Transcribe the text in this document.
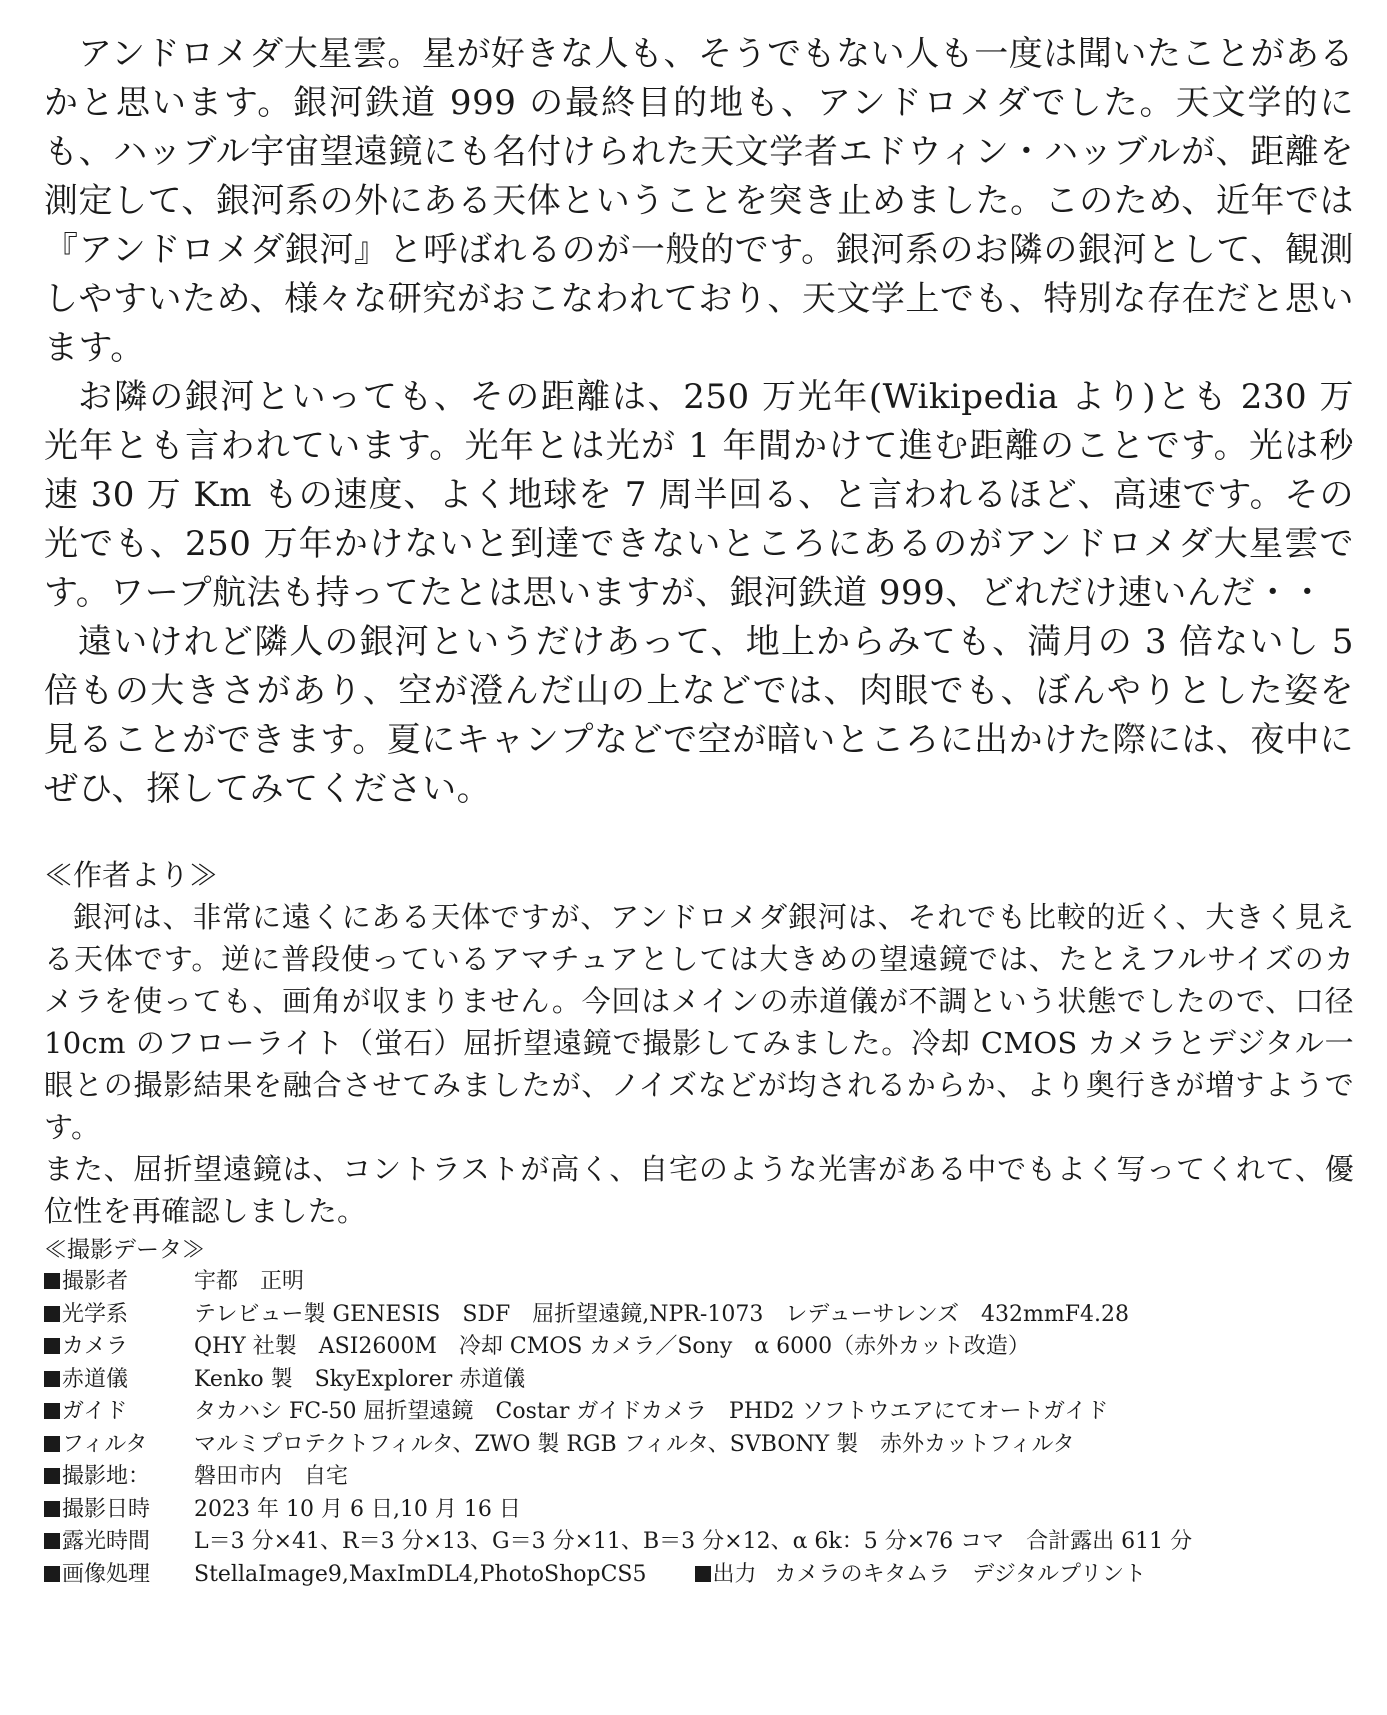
アンドロメダ大星雲。星が好きな人も、そうでもない人も一度は聞いたことがあるかと思います。銀河鉄道 999 の最終目的地も、アンドロメダでした。天文学的にも、ハッブル宇宙望遠鏡にも名付けられた天文学者エドウィン・ハッブルが、距離を測定して、銀河系の外にある天体ということを突き止めました。このため、近年では『アンドロメダ銀河』と呼ばれるのが一般的です。銀河系のお隣の銀河として、観測しやすいため、様々な研究がおこなわれており、天文学上でも、特別な存在だと思います。

お隣の銀河といっても、その距離は、250 万光年(Wikipedia より)とも 230 万光年とも言われています。光年とは光が 1 年間かけて進む距離のことです。光は秒速 30 万 Km もの速度、よく地球を 7 周半回る、と言われるほど、高速です。その光でも、250 万年かけないと到達できないところにあるのがアンドロメダ大星雲です。ワープ航法も持ってたとは思いますが、銀河鉄道 999、どれだけ速いんだ・・

遠いけれど隣人の銀河というだけあって、地上からみても、満月の 3 倍ないし 5 倍もの大きさがあり、空が澄んだ山の上などでは、肉眼でも、ぼんやりとした姿を見ることができます。夏にキャンプなどで空が暗いところに出かけた際には、夜中にぜひ、探してみてください。

≪作者より≫

銀河は、非常に遠くにある天体ですが、アンドロメダ銀河は、それでも比較的近く、大きく見える天体です。逆に普段使っているアマチュアとしては大きめの望遠鏡では、たとえフルサイズのカメラを使っても、画角が収まりません。今回はメインの赤道儀が不調という状態でしたので、口径 10cm のフローライト（蛍石）屈折望遠鏡で撮影してみました。冷却 CMOS カメラとデジタル一眼との撮影結果を融合させてみましたが、ノイズなどが均されるからか、より奥行きが増すようです。

また、屈折望遠鏡は、コントラストが高く、自宅のような光害がある中でもよく写ってくれて、優位性を再確認しました。

≪撮影データ≫
撮影者	宇都　正明
光学系	テレビュー製 GENESIS　SDF　屈折望遠鏡,NPR-1073　レデューサレンズ　432mmF4.28
カメラ	QHY 社製　ASI2600M　冷却 CMOS カメラ／Sony　α 6000（赤外カット改造）
赤道儀	Kenko 製　SkyExplorer 赤道儀
ガイド	タカハシ FC-50 屈折望遠鏡　Costar ガイドカメラ　PHD2 ソフトウエアにてオートガイド
フィルタ	マルミプロテクトフィルタ、ZWO 製 RGB フィルタ、SVBONY 製　赤外カットフィルタ
撮影地：	磐田市内　自宅
撮影日時	2023 年 10 月 6 日,10 月 16 日
露光時間	L＝3 分×41、R＝3 分×13、G＝3 分×11、B＝3 分×12、α 6k：5 分×76 コマ　合計露出 611 分
画像処理	StellaImage9,MaxImDL4,PhotoShopCS5	出力 カメラのキタムラ　デジタルプリント
